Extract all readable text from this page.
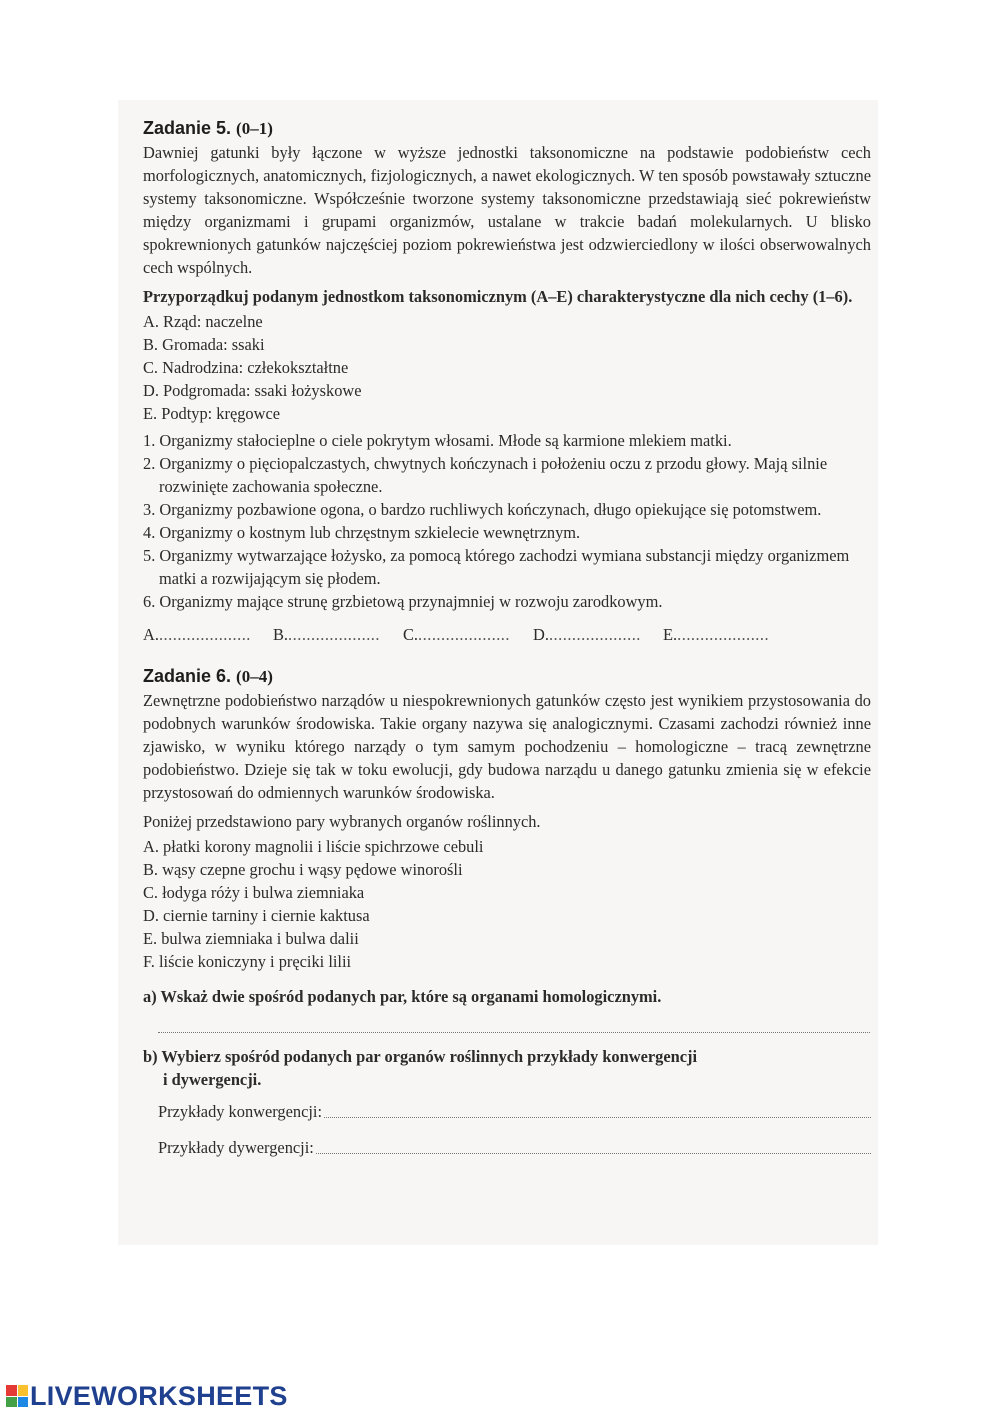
Zadanie 5. (0–1)

Dawniej gatunki były łączone w wyższe jednostki taksonomiczne na podstawie podobieństw cech morfologicznych, anatomicznych, fizjologicznych, a nawet ekologicznych. W ten sposób powstawały sztuczne systemy taksonomiczne. Współcześnie tworzone systemy taksonomiczne przedstawiają sieć pokrewieństw między organizmami i grupami organizmów, ustalane w trakcie badań molekularnych. U blisko spokrewnionych gatunków najczęściej poziom pokrewieństwa jest odzwierciedlony w ilości obserwowalnych cech wspólnych.

Przyporządkuj podanym jednostkom taksonomicznym (A–E) charakterystyczne dla nich cechy (1–6).

A. Rząd: naczelne
B. Gromada: ssaki
C. Nadrodzina: człekokształtne
D. Podgromada: ssaki łożyskowe
E. Podtyp: kręgowce
1. Organizmy stałocieplne o ciele pokrytym włosami. Młode są karmione mlekiem matki.
2. Organizmy o pięciopalczastych, chwytnych kończynach i położeniu oczu z przodu głowy. Mają silnie rozwinięte zachowania społeczne.
3. Organizmy pozbawione ogona, o bardzo ruchliwych kończynach, długo opiekujące się potomstwem.
4. Organizmy o kostnym lub chrzęstnym szkielecie wewnętrznym.
5. Organizmy wytwarzające łożysko, za pomocą którego zachodzi wymiana substancji między organizmem matki a rozwijającym się płodem.
6. Organizmy mające strunę grzbietową przynajmniej w rozwoju zarodkowym.
A.....................	B.....................	C.....................	D.....................	E.....................
Zadanie 6. (0–4)

Zewnętrzne podobieństwo narządów u niespokrewnionych gatunków często jest wynikiem przystosowania do podobnych warunków środowiska. Takie organy nazywa się analogicznymi. Czasami zachodzi również inne zjawisko, w wyniku którego narządy o tym samym pochodzeniu – homologiczne – tracą zewnętrzne podobieństwo. Dzieje się tak w toku ewolucji, gdy budowa narządu u danego gatunku zmienia się w efekcie przystosowań do odmiennych warunków środowiska.

Poniżej przedstawiono pary wybranych organów roślinnych.

A. płatki korony magnolii i liście spichrzowe cebuli
B. wąsy czepne grochu i wąsy pędowe winorośli
C. łodyga róży i bulwa ziemniaka
D. ciernie tarniny i ciernie kaktusa
E. bulwa ziemniaka i bulwa dalii
F. liście koniczyny i pręciki lilii

a) Wskaż dwie spośród podanych par, które są organami homologicznymi.

b) Wybierz spośród podanych par organów roślinnych przykłady konwergencji
i dywergencji.

Przykłady konwergencji:
Przykłady dywergencji:
LIVEWORKSHEETS
